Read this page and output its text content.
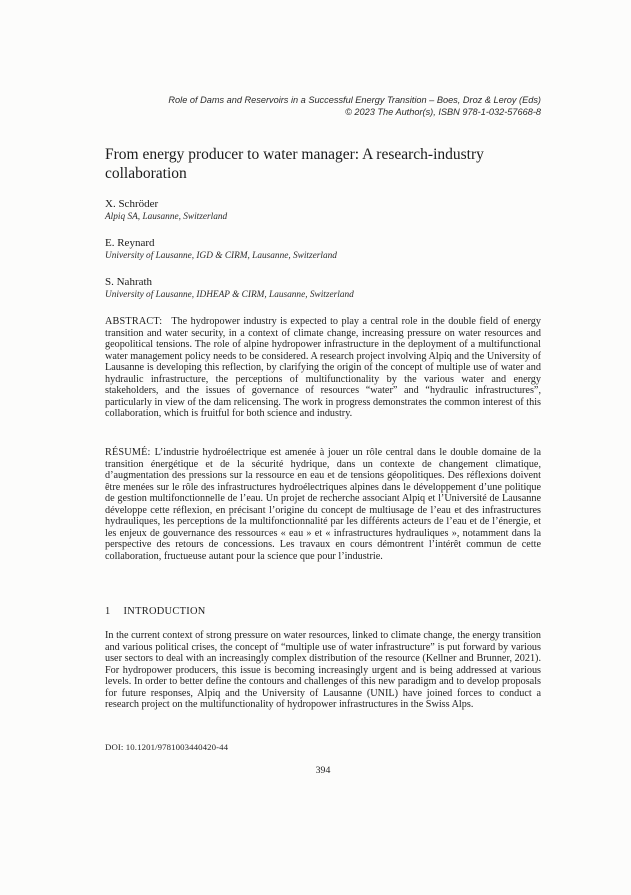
Role of Dams and Reservoirs in a Successful Energy Transition – Boes, Droz & Leroy (Eds)
© 2023 The Author(s), ISBN 978-1-032-57668-8
From energy producer to water manager: A research-industry collaboration
X. Schröder
Alpiq SA, Lausanne, Switzerland
E. Reynard
University of Lausanne, IGD & CIRM, Lausanne, Switzerland
S. Nahrath
University of Lausanne, IDHEAP & CIRM, Lausanne, Switzerland

ABSTRACT: The hydropower industry is expected to play a central role in the double field of energy transition and water security, in a context of climate change, increasing pressure on water resources and geopolitical tensions. The role of alpine hydropower infrastructure in the deployment of a multifunctional water management policy needs to be considered. A research project involving Alpiq and the University of Lausanne is developing this reflection, by clarifying the origin of the concept of multiple use of water and hydraulic infrastructure, the perceptions of multifunctionality by the various water and energy stakeholders, and the issues of governance of resources “water” and “hydraulic infrastructures”, particularly in view of the dam relicensing. The work in progress demonstrates the common interest of this collaboration, which is fruitful for both science and industry.

RÉSUMÉ: L’industrie hydroélectrique est amenée à jouer un rôle central dans le double domaine de la transition énergétique et de la sécurité hydrique, dans un contexte de changement climatique, d’augmentation des pressions sur la ressource en eau et de tensions géopolitiques. Des réflexions doivent être menées sur le rôle des infrastructures hydroélectriques alpines dans le développement d’une politique de gestion multifonctionnelle de l’eau. Un projet de recherche associant Alpiq et l’Université de Lausanne développe cette réflexion, en précisant l’origine du concept de multiusage de l’eau et des infrastructures hydrauliques, les perceptions de la multifonctionnalité par les différents acteurs de l’eau et de l’énergie, et les enjeux de gouvernance des ressources « eau » et « infrastructures hydrauliques », notamment dans la perspective des retours de concessions. Les travaux en cours démontrent l’intérêt commun de cette collaboration, fructueuse autant pour la science que pour l’industrie.

1 INTRODUCTION

In the current context of strong pressure on water resources, linked to climate change, the energy transition and various political crises, the concept of “multiple use of water infrastructure” is put forward by various user sectors to deal with an increasingly complex distribution of the resource (Kellner and Brunner, 2021). For hydropower producers, this issue is becoming increasingly urgent and is being addressed at various levels. In order to better define the contours and challenges of this new paradigm and to develop proposals for future responses, Alpiq and the University of Lausanne (UNIL) have joined forces to conduct a research project on the multifunctionality of hydropower infrastructures in the Swiss Alps.

DOI: 10.1201/9781003440420-44
394
